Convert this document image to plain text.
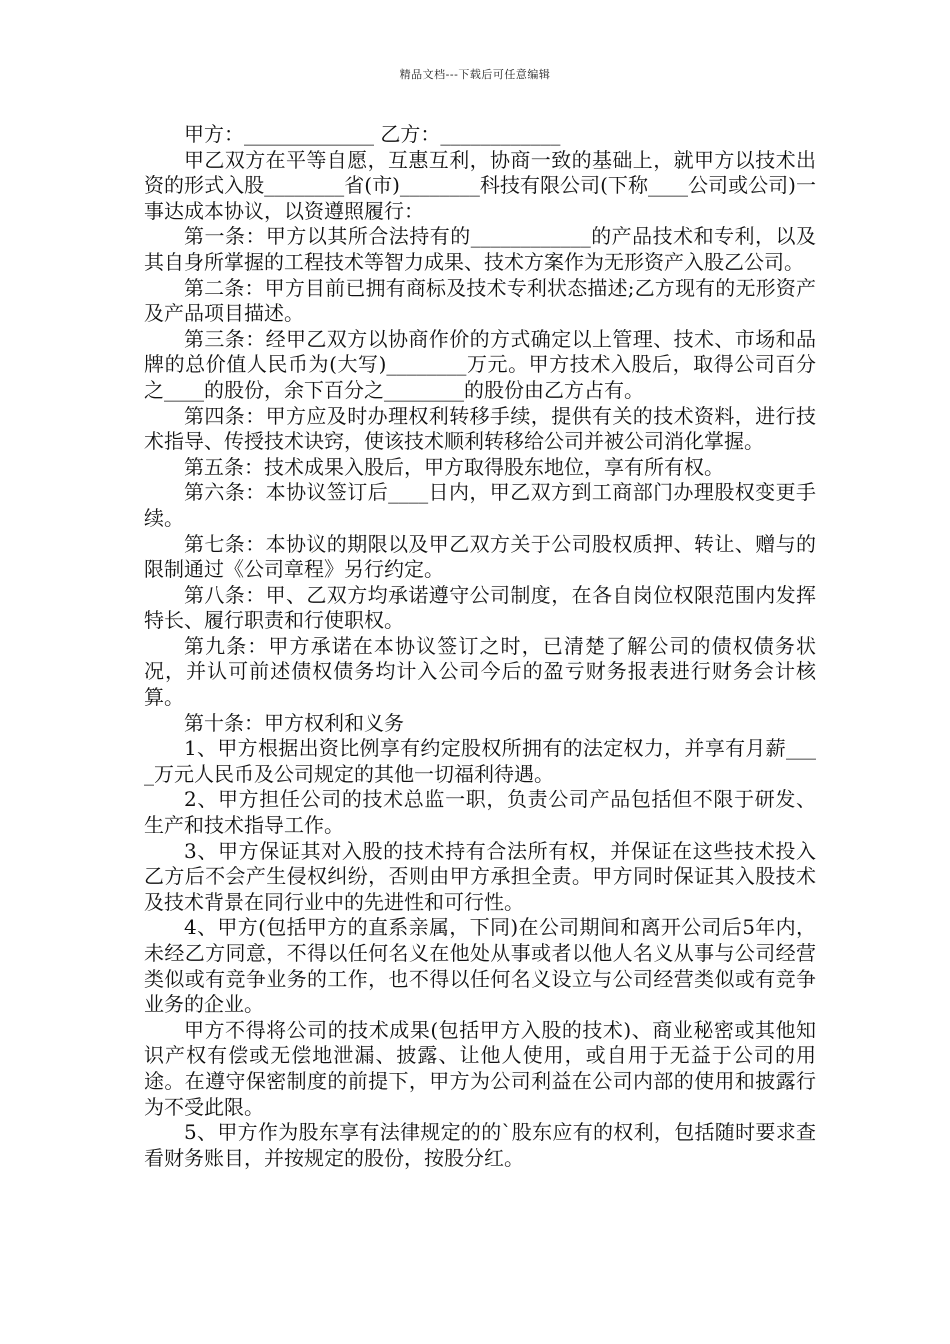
精品文档---下载后可任意编辑

甲方：_____________ 乙方：____________

甲乙双方在平等自愿，互惠互利，协商一致的基础上，就甲方以技术出资的形式入股________省(市)________科技有限公司(下称____公司或公司)一事达成本协议，以资遵照履行：

第一条：甲方以其所合法持有的____________的产品技术和专利，以及其自身所掌握的工程技术等智力成果、技术方案作为无形资产入股乙公司。

第二条：甲方目前已拥有商标及技术专利状态描述;乙方现有的无形资产及产品项目描述。

第三条：经甲乙双方以协商作价的方式确定以上管理、技术、市场和品牌的总价值人民币为(大写)________万元。甲方技术入股后，取得公司百分之____的股份，余下百分之________的股份由乙方占有。

第四条：甲方应及时办理权利转移手续，提供有关的技术资料，进行技术指导、传授技术诀窍，使该技术顺利转移给公司并被公司消化掌握。

第五条：技术成果入股后，甲方取得股东地位，享有所有权。

第六条：本协议签订后____日内，甲乙双方到工商部门办理股权变更手续。

第七条：本协议的期限以及甲乙双方关于公司股权质押、转让、赠与的限制通过《公司章程》另行约定。

第八条：甲、乙双方均承诺遵守公司制度，在各自岗位权限范围内发挥特长、履行职责和行使职权。

第九条：甲方承诺在本协议签订之时，已清楚了解公司的债权债务状况，并认可前述债权债务均计入公司今后的盈亏财务报表进行财务会计核算。

第十条：甲方权利和义务

1、甲方根据出资比例享有约定股权所拥有的法定权力，并享有月薪____万元人民币及公司规定的其他一切福利待遇。

2、甲方担任公司的技术总监一职，负责公司产品包括但不限于研发、生产和技术指导工作。

3、甲方保证其对入股的技术持有合法所有权，并保证在这些技术投入乙方后不会产生侵权纠纷，否则由甲方承担全责。甲方同时保证其入股技术及技术背景在同行业中的先进性和可行性。

4、甲方(包括甲方的直系亲属，下同)在公司期间和离开公司后5年内，未经乙方同意，不得以任何名义在他处从事或者以他人名义从事与公司经营类似或有竞争业务的工作，也不得以任何名义设立与公司经营类似或有竞争业务的企业。

甲方不得将公司的技术成果(包括甲方入股的技术)、商业秘密或其他知识产权有偿或无偿地泄漏、披露、让他人使用，或自用于无益于公司的用途。在遵守保密制度的前提下，甲方为公司利益在公司内部的使用和披露行为不受此限。

5、甲方作为股东享有法律规定的的`股东应有的权利，包括随时要求查看财务账目，并按规定的股份，按股分红。
